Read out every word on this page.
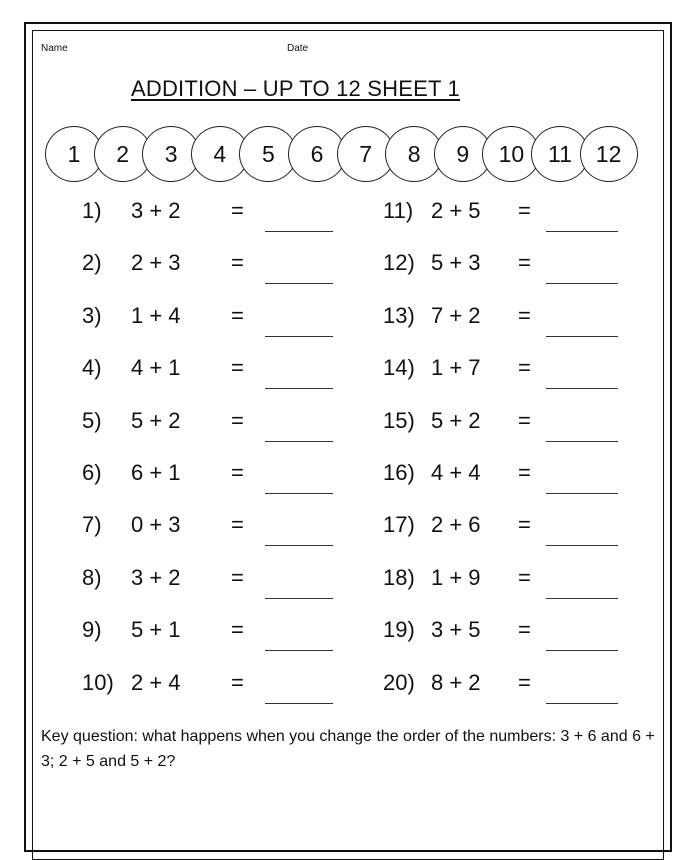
Name	Date
ADDITION – UP TO 12 SHEET 1
1	2	3	4	5	6	7	8	9	10	11	12
1) 3 + 2 =
2) 2 + 3 =
3) 1 + 4 =
4) 4 + 1 =
5) 5 + 2 =
6) 6 + 1 =
7) 0 + 3 =
8) 3 + 2 =
9) 5 + 1 =
10) 2 + 4 =
11) 2 + 5 =
12) 5 + 3 =
13) 7 + 2 =
14) 1 + 7 =
15) 5 + 2 =
16) 4 + 4 =
17) 2 + 6 =
18) 1 + 9 =
19) 3 + 5 =
20) 8 + 2 =
Key question: what happens when you change the order of the numbers: 3 + 6 and 6 + 3; 2 + 5 and 5 + 2?
